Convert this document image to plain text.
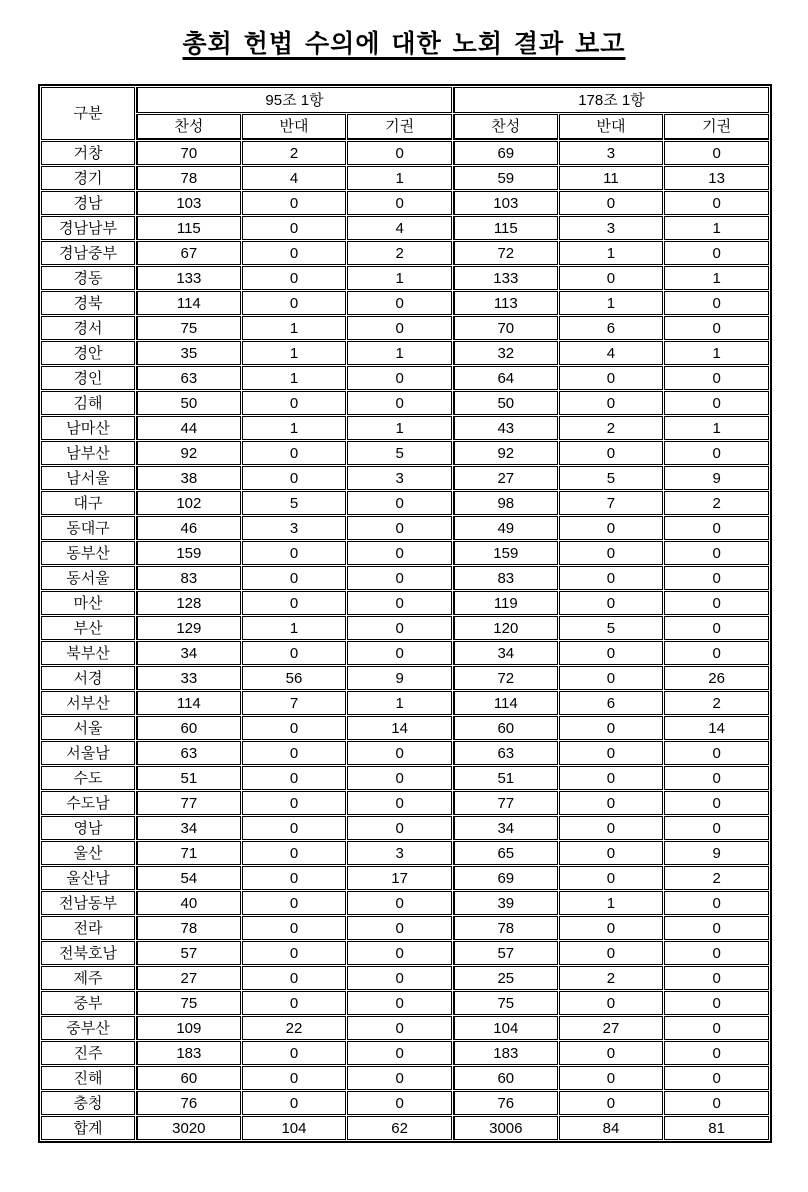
총회 헌법 수의에 대한 노회 결과 보고
구분	95조 1항			178조 1항		
	찬성	반대	기권	찬성	반대	기권
거창	70	2	0	69	3	0
경기	78	4	1	59	11	13
경남	103	0	0	103	0	0
경남남부	115	0	4	115	3	1
경남중부	67	0	2	72	1	0
경동	133	0	1	133	0	1
경북	114	0	0	113	1	0
경서	75	1	0	70	6	0
경안	35	1	1	32	4	1
경인	63	1	0	64	0	0
김해	50	0	0	50	0	0
남마산	44	1	1	43	2	1
남부산	92	0	5	92	0	0
남서울	38	0	3	27	5	9
대구	102	5	0	98	7	2
동대구	46	3	0	49	0	0
동부산	159	0	0	159	0	0
동서울	83	0	0	83	0	0
마산	128	0	0	119	0	0
부산	129	1	0	120	5	0
북부산	34	0	0	34	0	0
서경	33	56	9	72	0	26
서부산	114	7	1	114	6	2
서울	60	0	14	60	0	14
서울남	63	0	0	63	0	0
수도	51	0	0	51	0	0
수도남	77	0	0	77	0	0
영남	34	0	0	34	0	0
울산	71	0	3	65	0	9
울산남	54	0	17	69	0	2
전남동부	40	0	0	39	1	0
전라	78	0	0	78	0	0
전북호남	57	0	0	57	0	0
제주	27	0	0	25	2	0
중부	75	0	0	75	0	0
중부산	109	22	0	104	27	0
진주	183	0	0	183	0	0
진해	60	0	0	60	0	0
충청	76	0	0	76	0	0
합계	3020	104	62	3006	84	81
